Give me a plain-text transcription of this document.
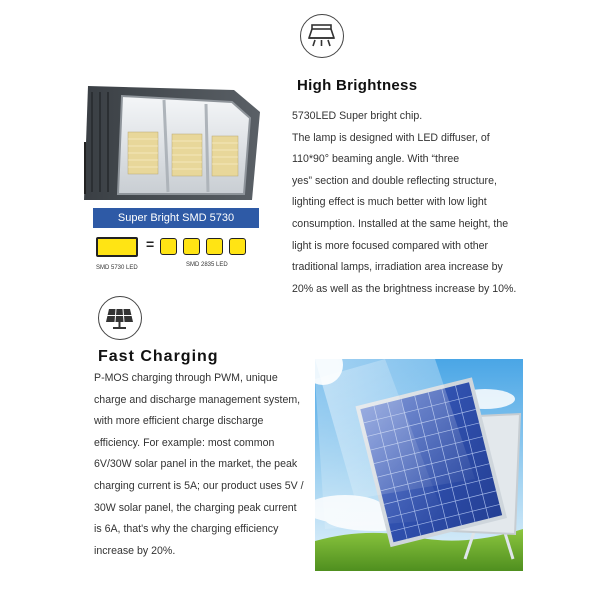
High Brightness
5730LED Super bright chip.
The lamp is designed with LED diffuser, of
110*90° beaming angle. With “three
yes” section and double reflecting structure,
lighting effect is much better with low light
consumption. Installed at the same height, the
light is more focused compared with other
traditional lamps, irradiation area increase by
20% as well as the brightness increase by 10%.
Super Bright SMD 5730
=
SMD 5730 LED	SMD 2835 LED
Fast Charging
P-MOS charging through PWM, unique
charge and discharge management system,
with more efficient charge discharge
efficiency. For example: most common
6V/30W solar panel in the market, the peak
charging current is 5A; our product uses 5V /
30W solar panel, the charging peak current
is 6A, that's why the charging efficiency
increase by 20%.
